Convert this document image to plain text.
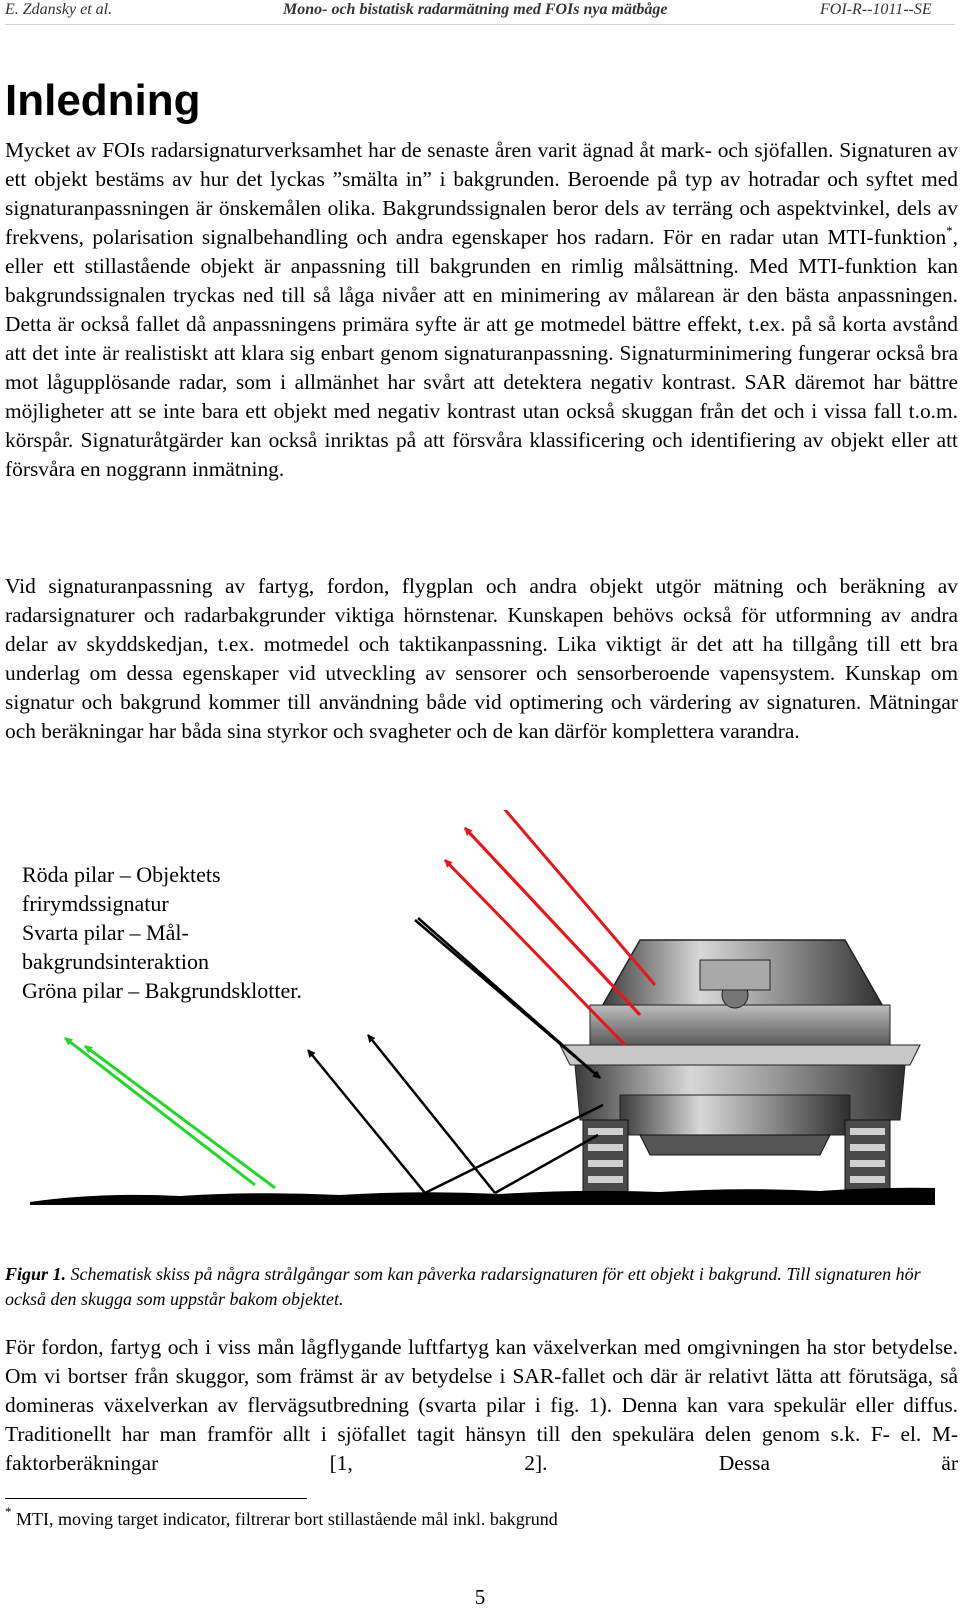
E. Zdansky et al.	Mono- och bistatisk radarmätning med FOIs nya mätbåge	FOI-R--1011--SE
Inledning

Mycket av FOIs radarsignaturverksamhet har de senaste åren varit ägnad åt mark- och sjöfallen. Signaturen av ett objekt bestäms av hur det lyckas ”smälta in” i bakgrunden. Beroende på typ av hotradar och syftet med signaturanpassningen är önskemålen olika. Bakgrundssignalen beror dels av terräng och aspektvinkel, dels av frekvens, polarisation signalbehandling och andra egenskaper hos radarn. För en radar utan MTI-funktion*, eller ett stillastående objekt är anpassning till bakgrunden en rimlig målsättning. Med MTI-funktion kan bakgrundssignalen tryckas ned till så låga nivåer att en minimering av målarean är den bästa anpassningen. Detta är också fallet då anpassningens primära syfte är att ge motmedel bättre effekt, t.ex. på så korta avstånd att det inte är realistiskt att klara sig enbart genom signaturanpassning. Signaturminimering fungerar också bra mot lågupplösande radar, som i allmänhet har svårt att detektera negativ kontrast. SAR däremot har bättre möjligheter att se inte bara ett objekt med negativ kontrast utan också skuggan från det och i vissa fall t.o.m. körspår. Signaturåtgärder kan också inriktas på att försvåra klassificering och identifiering av objekt eller att försvåra en noggrann inmätning.

Vid signaturanpassning av fartyg, fordon, flygplan och andra objekt utgör mätning och beräkning av radarsignaturer och radarbakgrunder viktiga hörnstenar. Kunskapen behövs också för utformning av andra delar av skyddskedjan, t.ex. motmedel och taktikanpassning. Lika viktigt är det att ha tillgång till ett bra underlag om dessa egenskaper vid utveckling av sensorer och sensorberoende vapensystem. Kunskap om signatur och bakgrund kommer till användning både vid optimering och värdering av signaturen. Mätningar och beräkningar har båda sina styrkor och svagheter och de kan därför komplettera varandra.

Röda pilar – Objektets
frirymdssignatur
Svarta pilar – Mål-
bakgrundsinteraktion
Gröna pilar – Bakgrundsklotter.

Figur 1. Schematisk skiss på några strålgångar som kan påverka radarsignaturen för ett objekt i bakgrund. Till signaturen hör också den skugga som uppstår bakom objektet.

För fordon, fartyg och i viss mån lågflygande luftfartyg kan växelverkan med omgivningen ha stor betydelse. Om vi bortser från skuggor, som främst är av betydelse i SAR-fallet och där är relativt lätta att förutsäga, så domineras växelverkan av flervägsutbredning (svarta pilar i fig. 1). Denna kan vara spekulär eller diffus. Traditionellt har man framför allt i sjöfallet tagit hänsyn till den spekulära delen genom s.k. F- el. M-faktorberäkningar [1, 2]. Dessa är

* MTI, moving target indicator, filtrerar bort stillastående mål inkl. bakgrund

5
